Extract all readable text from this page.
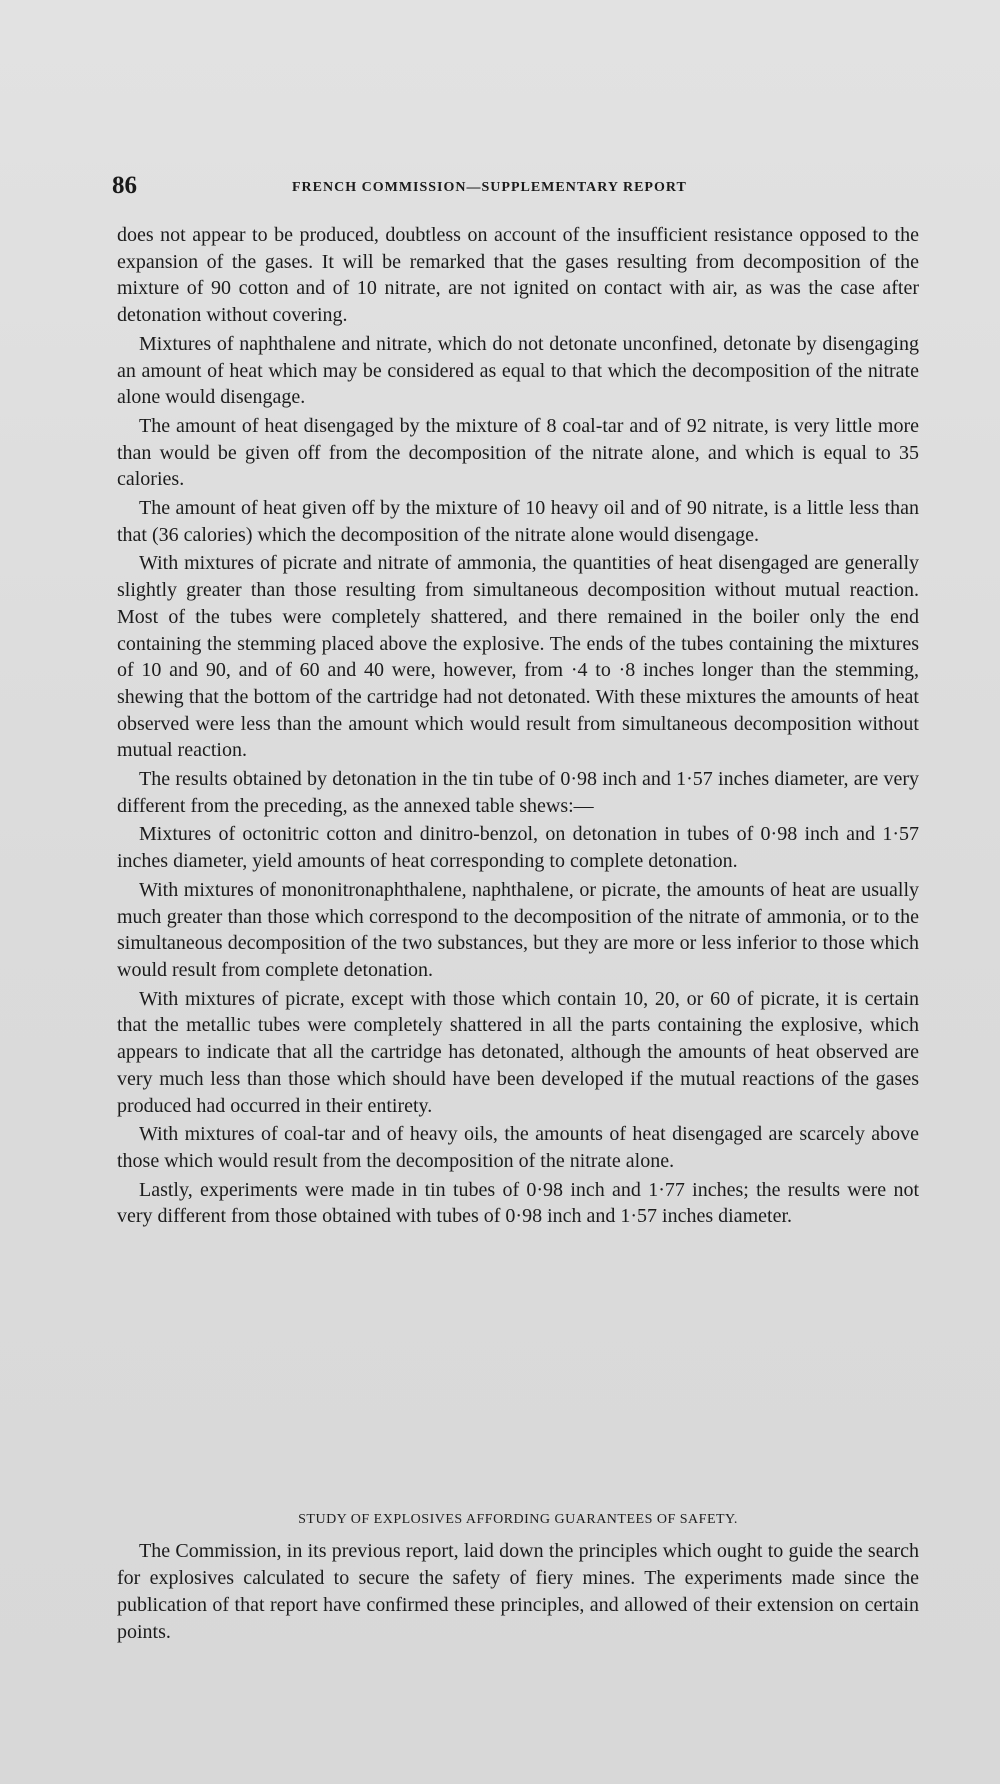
86	FRENCH COMMISSION—SUPPLEMENTARY REPORT

does not appear to be produced, doubtless on account of the insufficient resistance opposed to the expansion of the gases. It will be remarked that the gases resulting from decomposition of the mixture of 90 cotton and of 10 nitrate, are not ignited on contact with air, as was the case after detonation without covering.

Mixtures of naphthalene and nitrate, which do not detonate unconfined, detonate by disengaging an amount of heat which may be considered as equal to that which the decomposition of the nitrate alone would disengage.

The amount of heat disengaged by the mixture of 8 coal-tar and of 92 nitrate, is very little more than would be given off from the decomposition of the nitrate alone, and which is equal to 35 calories.

The amount of heat given off by the mixture of 10 heavy oil and of 90 nitrate, is a little less than that (36 calories) which the decomposition of the nitrate alone would disengage.

With mixtures of picrate and nitrate of ammonia, the quantities of heat disengaged are generally slightly greater than those resulting from simultaneous decomposition without mutual reaction. Most of the tubes were completely shattered, and there remained in the boiler only the end containing the stemming placed above the explosive. The ends of the tubes containing the mixtures of 10 and 90, and of 60 and 40 were, however, from ·4 to ·8 inches longer than the stemming, shewing that the bottom of the cartridge had not detonated. With these mixtures the amounts of heat observed were less than the amount which would result from simultaneous decomposition without mutual reaction.

The results obtained by detonation in the tin tube of 0·98 inch and 1·57 inches diameter, are very different from the preceding, as the annexed table shews:—

Mixtures of octonitric cotton and dinitro-benzol, on detonation in tubes of 0·98 inch and 1·57 inches diameter, yield amounts of heat corresponding to complete detonation.

With mixtures of mononitronaphthalene, naphthalene, or picrate, the amounts of heat are usually much greater than those which correspond to the decomposition of the nitrate of ammonia, or to the simultaneous decomposition of the two substances, but they are more or less inferior to those which would result from complete detonation.

With mixtures of picrate, except with those which contain 10, 20, or 60 of picrate, it is certain that the metallic tubes were completely shattered in all the parts containing the explosive, which appears to indicate that all the cartridge has detonated, although the amounts of heat observed are very much less than those which should have been developed if the mutual reactions of the gases produced had occurred in their entirety.

With mixtures of coal-tar and of heavy oils, the amounts of heat disengaged are scarcely above those which would result from the decomposition of the nitrate alone.

Lastly, experiments were made in tin tubes of 0·98 inch and 1·77 inches; the results were not very different from those obtained with tubes of 0·98 inch and 1·57 inches diameter.

STUDY OF EXPLOSIVES AFFORDING GUARANTEES OF SAFETY.

The Commission, in its previous report, laid down the principles which ought to guide the search for explosives calculated to secure the safety of fiery mines. The experiments made since the publication of that report have confirmed these principles, and allowed of their extension on certain points.
